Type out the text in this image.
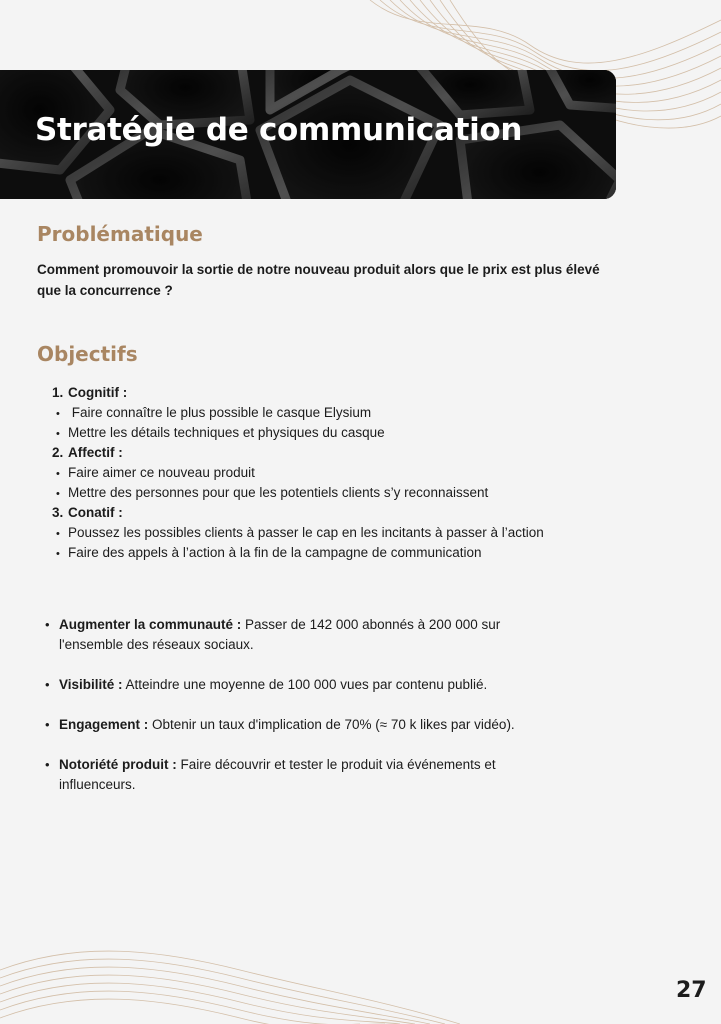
Stratégie de communication
Problématique

Comment promouvoir la sortie de notre nouveau produit alors que le prix est plus élevé que la concurrence ?

Objectifs
1. Cognitif :
• Faire connaître le plus possible le casque Elysium
• Mettre les détails techniques et physiques du casque
2. Affectif :
• Faire aimer ce nouveau produit
• Mettre des personnes pour que les potentiels clients s’y reconnaissent
3. Conatif :
• Poussez les possibles clients à passer le cap en les incitants à passer à l’action
• Faire des appels à l’action à la fin de la campagne de communication
• Augmenter la communauté : Passer de 142 000 abonnés à 200 000 sur l'ensemble des réseaux sociaux.
• Visibilité : Atteindre une moyenne de 100 000 vues par contenu publié.
• Engagement : Obtenir un taux d'implication de 70% (≈ 70 k likes par vidéo).
• Notoriété produit : Faire découvrir et tester le produit via événements et influenceurs.
27
